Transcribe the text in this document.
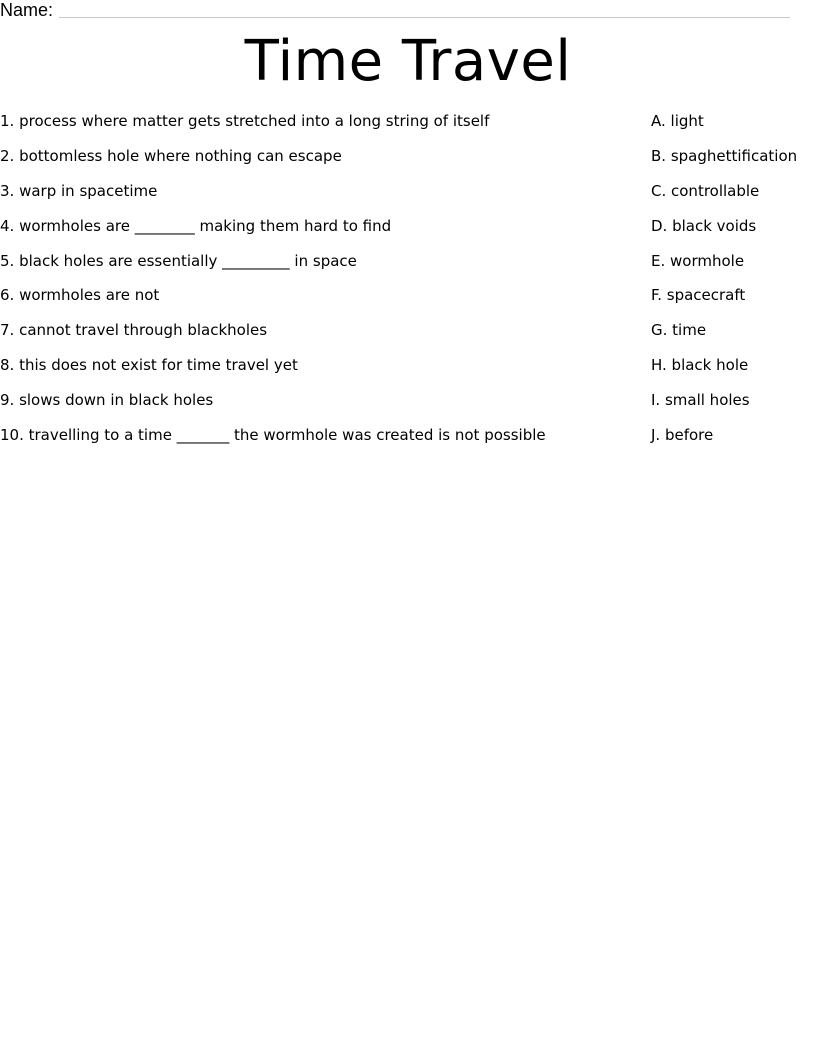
Name:
Time Travel
1. process where matter gets stretched into a long string of itself
2. bottomless hole where nothing can escape
3. warp in spacetime
4. wormholes are ________ making them hard to find
5. black holes are essentially _________ in space
6. wormholes are not
7. cannot travel through blackholes
8. this does not exist for time travel yet
9. slows down in black holes
10. travelling to a time _______ the wormhole was created is not possible
A. light
B. spaghettification
C. controllable
D. black voids
E. wormhole
F. spacecraft
G. time
H. black hole
I. small holes
J. before
